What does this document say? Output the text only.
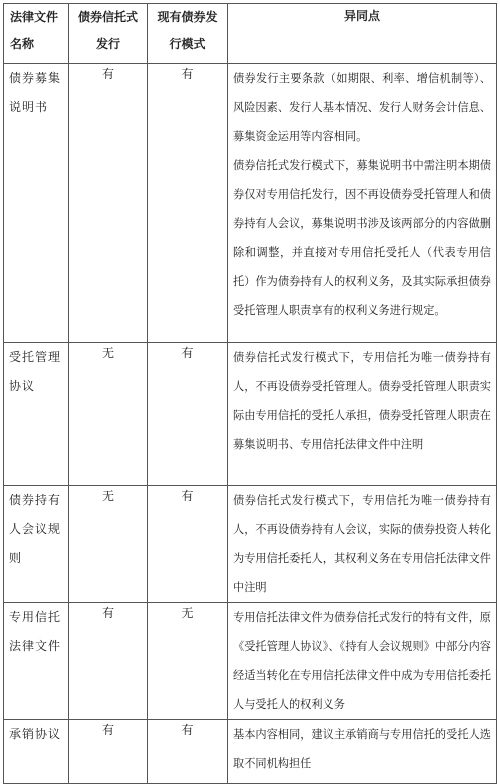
法律文件名称	债券信托式发行	现有债券发行模式	异同点
债券募集说明书	有	有	债券发行主要条款（如期限、利率、增信机制等）、风险因素、发行人基本情况、发行人财务会计信息、募集资金运用等内容相同。

债券信托式发行模式下，募集说明书中需注明本期债券仅对专用信托发行，因不再设债券受托管理人和债券持有人会议，募集说明书涉及该两部分的内容做删除和调整，并直接对专用信托受托人（代表专用信托）作为债券持有人的权利义务，及其实际承担债券受托管理人职责享有的权利义务进行规定。

受托管理协议	无	有	债券信托式发行模式下，专用信托为唯一债券持有人，不再设债券受托管理人。债券受托管理人职责实际由专用信托的受托人承担，债券受托管理人职责在募集说明书、专用信托法律文件中注明

债券持有人会议规则	无	有	债券信托式发行模式下，专用信托为唯一债券持有人，不再设债券持有人会议，实际的债券投资人转化为专用信托委托人，其权利义务在专用信托法律文件中注明

专用信托法律文件	有	无	专用信托法律文件为债券信托式发行的特有文件，原《受托管理人协议》、《持有人会议规则》中部分内容经适当转化在专用信托法律文件中成为专用信托委托人与受托人的权利义务

承销协议	有	有	基本内容相同，建议主承销商与专用信托的受托人选取不同机构担任
